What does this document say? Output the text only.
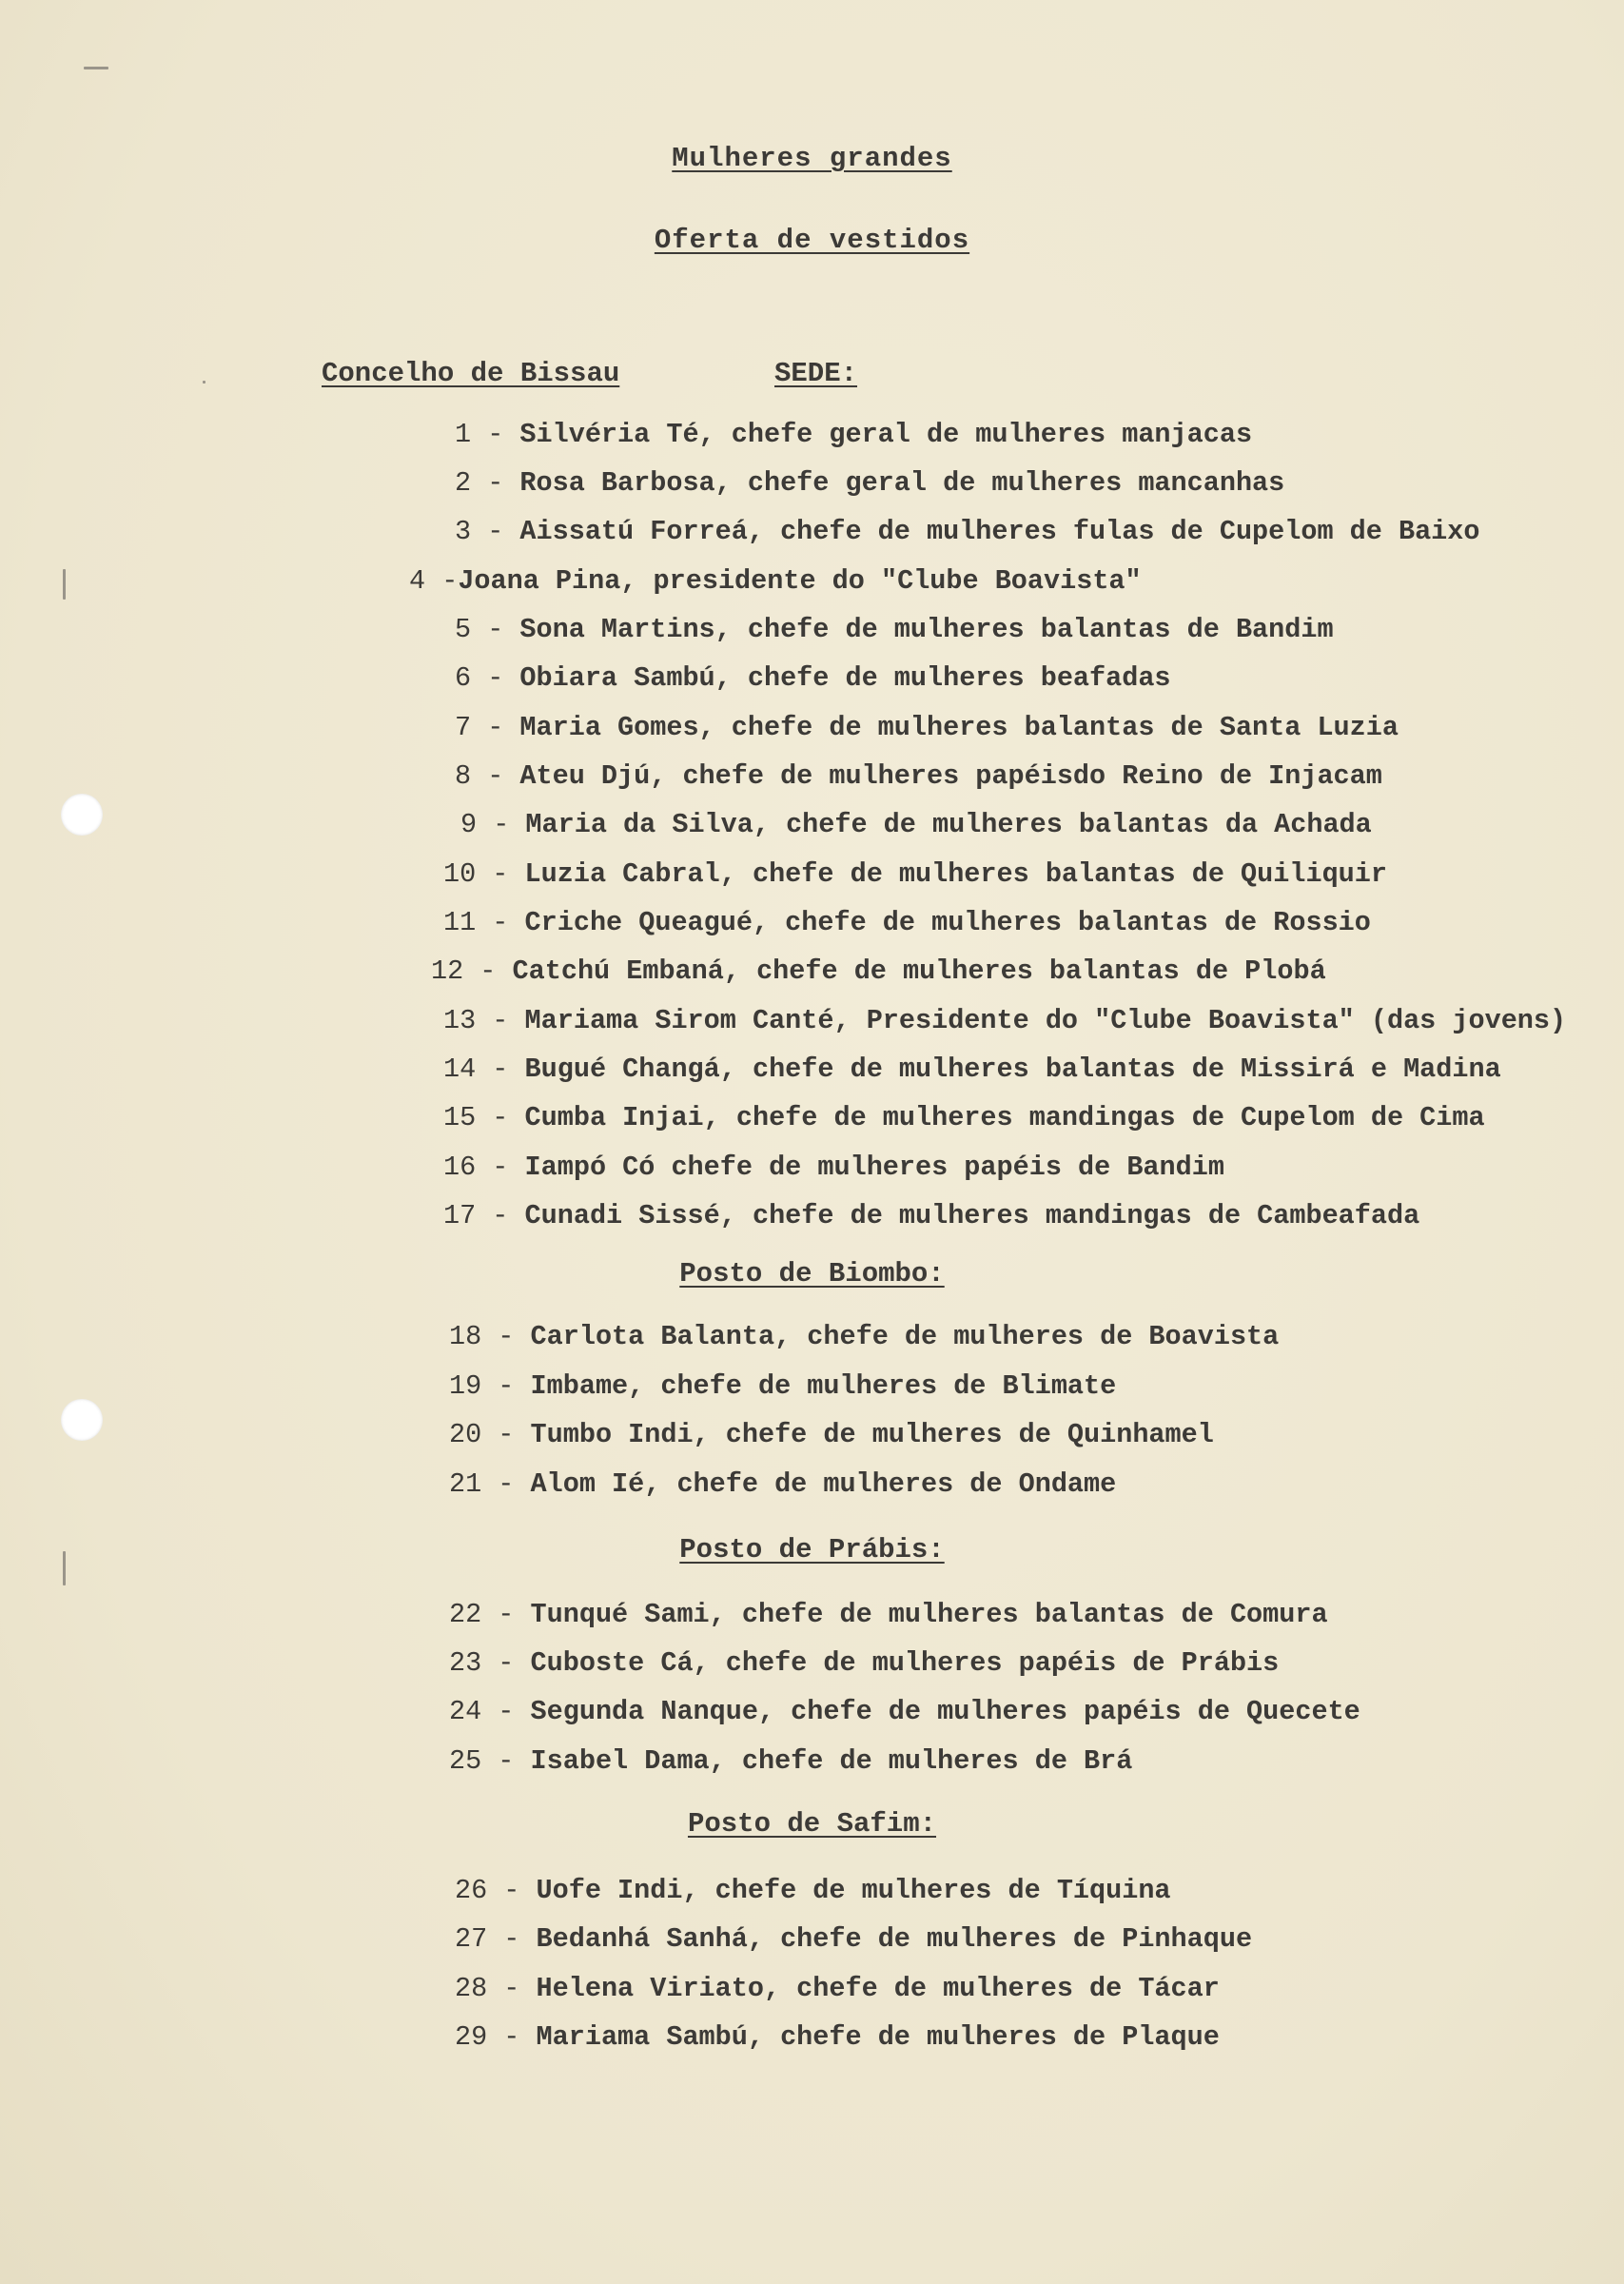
Mulheres grandes
Oferta de vestidos
Concelho de Bissau	SEDE:
1 - Silvéria Té, chefe geral de mulheres manjacas
2 - Rosa Barbosa, chefe geral de mulheres mancanhas
3 - Aissatú Forreá, chefe de mulheres fulas de Cupelom de Baixo
4 -Joana Pina, presidente do "Clube Boavista"
5 - Sona Martins, chefe de mulheres balantas de Bandim
6 - Obiara Sambú, chefe de mulheres beafadas
7 - Maria Gomes, chefe de mulheres balantas de Santa Luzia
8 - Ateu Djú, chefe de mulheres papéisdo Reino de Injacam
9 - Maria da Silva, chefe de mulheres balantas da Achada
10 - Luzia Cabral, chefe de mulheres balantas de Quiliquir
11 - Criche Queagué, chefe de mulheres balantas de Rossio
12 - Catchú Embaná, chefe de mulheres balantas de Plobá
13 - Mariama Sirom Canté, Presidente do "Clube Boavista" (das jovens)
14 - Bugué Changá, chefe de mulheres balantas de Missirá e Madina
15 - Cumba Injai, chefe de mulheres mandingas de Cupelom de Cima
16 - Iampó Có chefe de mulheres papéis de Bandim
17 - Cunadi Sissé, chefe de mulheres mandingas de Cambeafada
Posto de Biombo:
18 - Carlota Balanta, chefe de mulheres de Boavista
19 - Imbame, chefe de mulheres de Blimate
20 - Tumbo Indi, chefe de mulheres de Quinhamel
21 - Alom Ié, chefe de mulheres de Ondame
Posto de Prábis:
22 - Tunqué Sami, chefe de mulheres balantas de Comura
23 - Cuboste Cá, chefe de mulheres papéis de Prábis
24 - Segunda Nanque, chefe de mulheres papéis de Quecete
25 - Isabel Dama, chefe de mulheres de Brá
Posto de Safim:
26 - Uofe Indi, chefe de mulheres de Tíquina
27 - Bedanhá Sanhá, chefe de mulheres de Pinhaque
28 - Helena Viriato, chefe de mulheres de Tácar
29 - Mariama Sambú, chefe de mulheres de Plaque
